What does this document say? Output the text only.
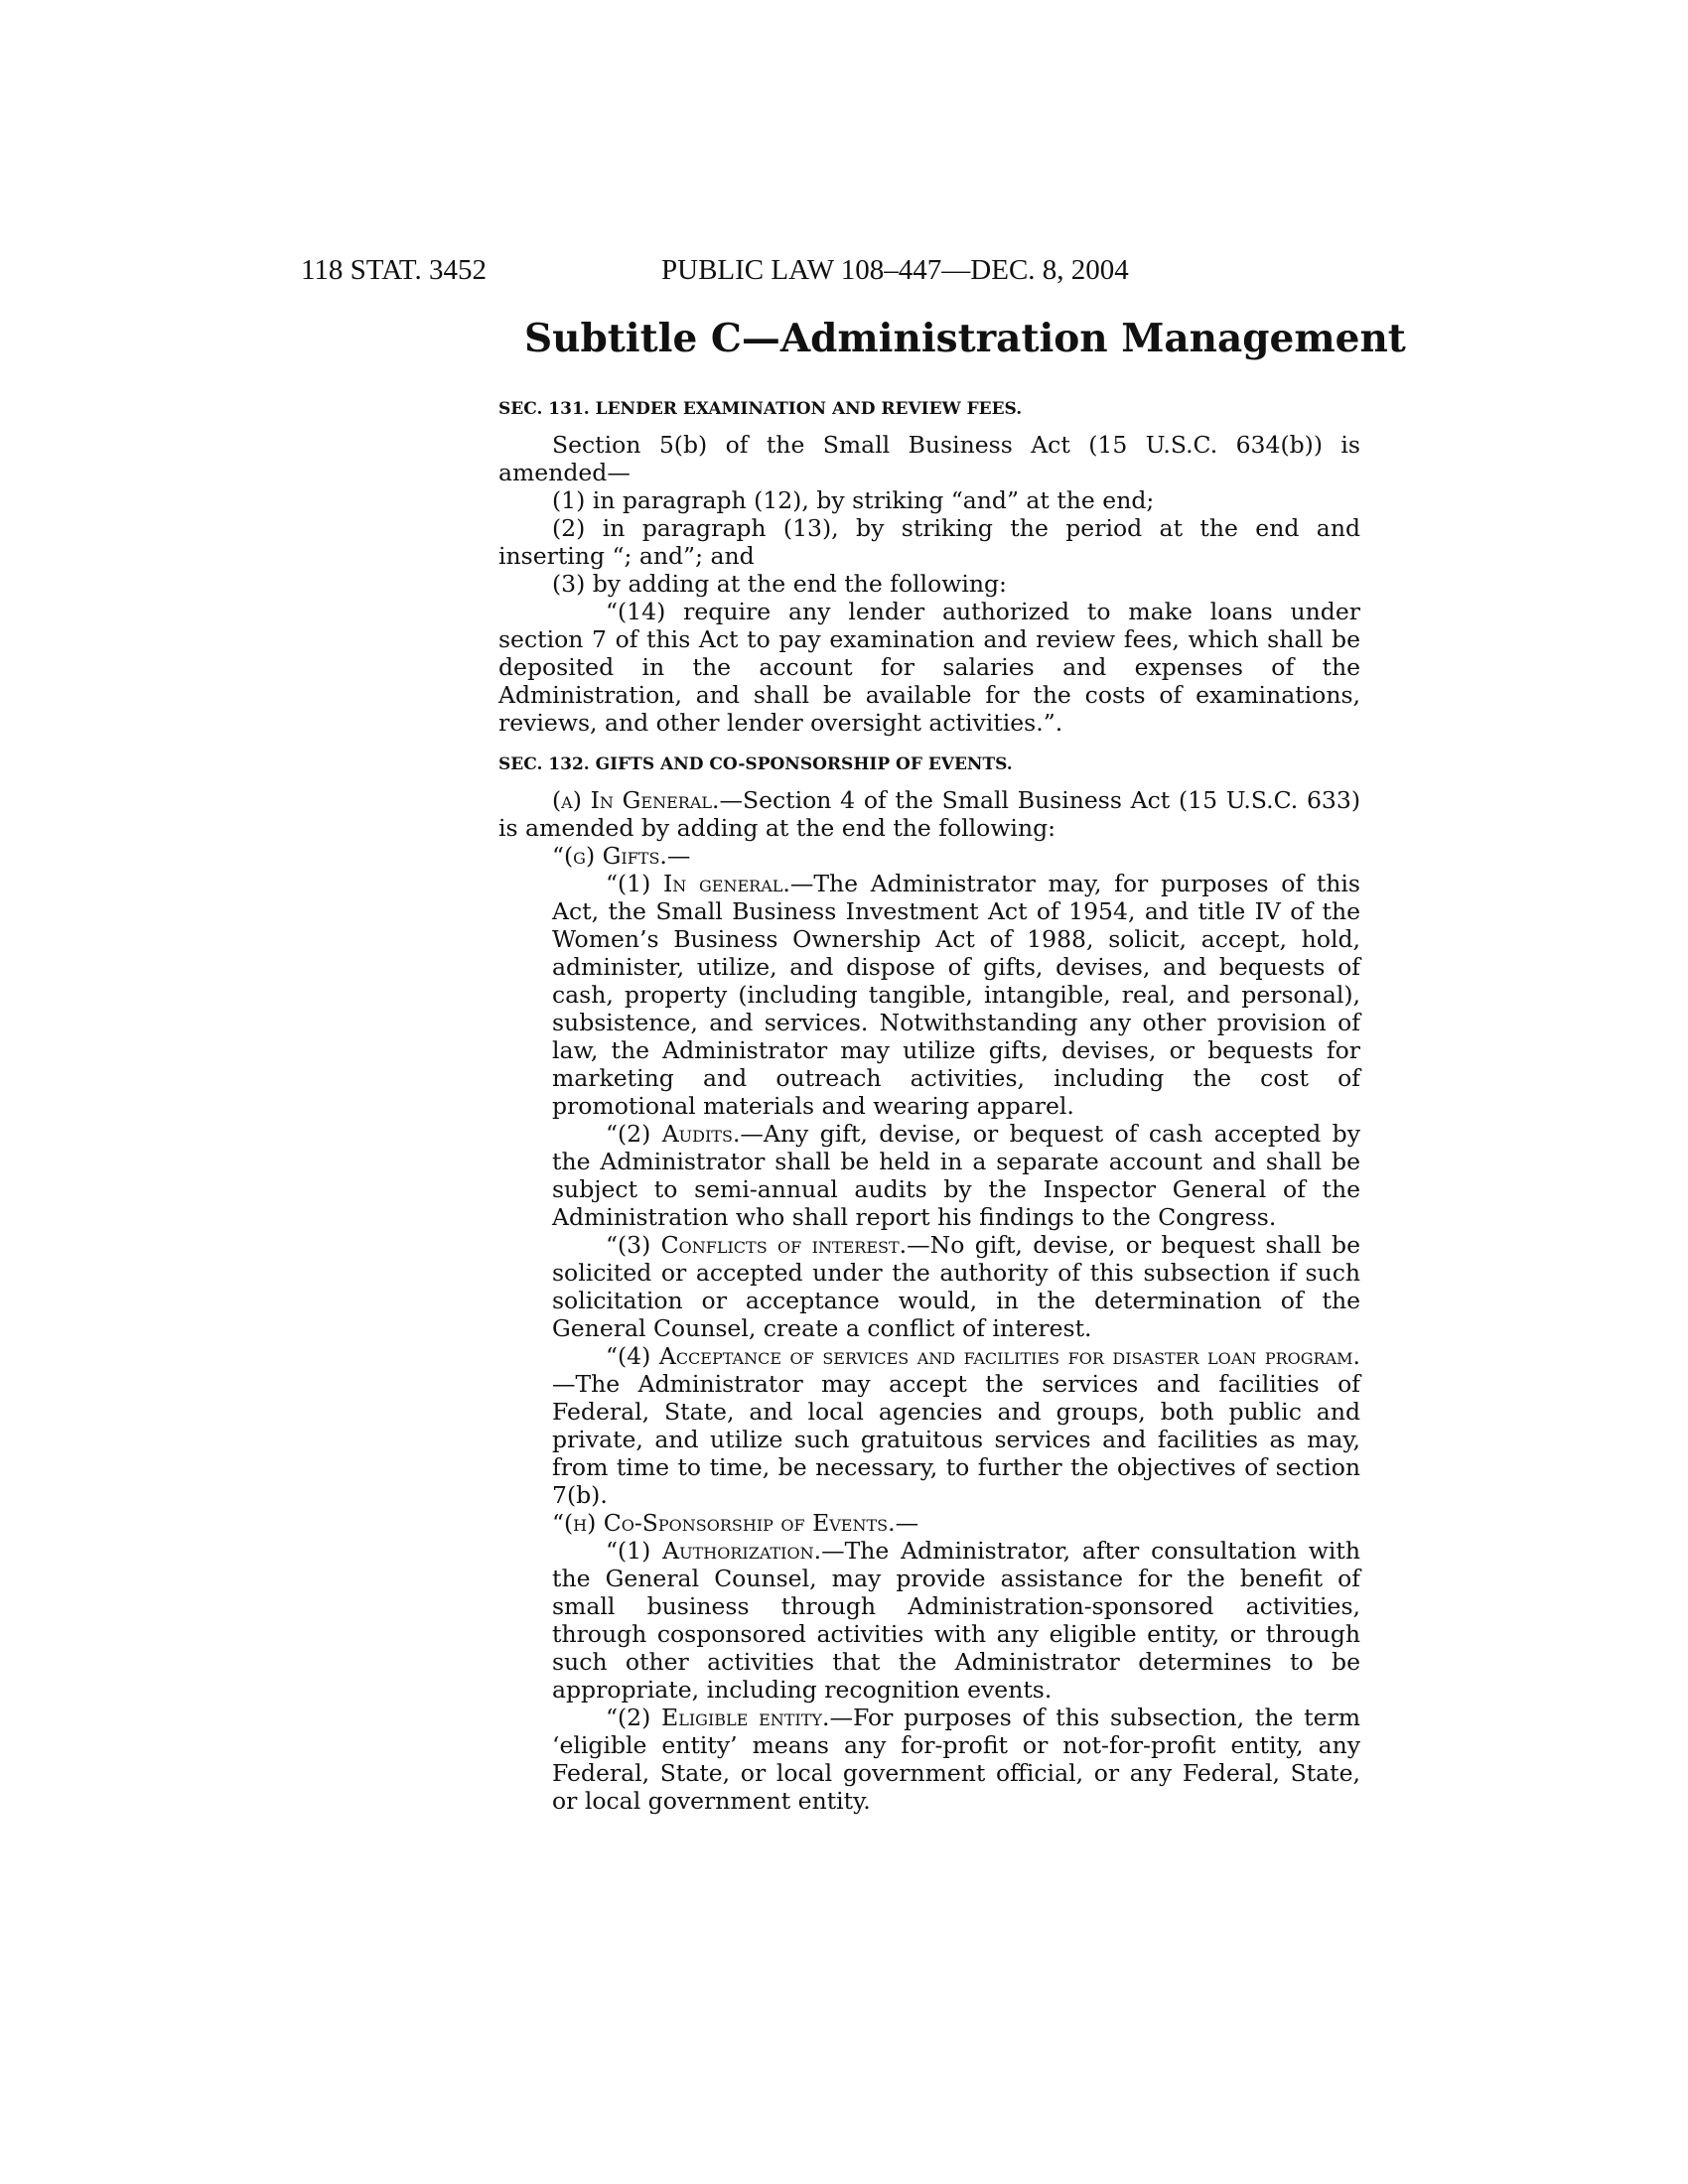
118 STAT. 3452	PUBLIC LAW 108–447—DEC. 8, 2004
Subtitle C—Administration Management
SEC. 131. LENDER EXAMINATION AND REVIEW FEES.

Section 5(b) of the Small Business Act (15 U.S.C. 634(b)) is amended—

(1) in paragraph (12), by striking “and” at the end;

(2) in paragraph (13), by striking the period at the end and inserting “; and”; and

(3) by adding at the end the following:

“(14) require any lender authorized to make loans under section 7 of this Act to pay examination and review fees, which shall be deposited in the account for salaries and expenses of the Administration, and shall be available for the costs of examinations, reviews, and other lender oversight activities.”.

SEC. 132. GIFTS AND CO-SPONSORSHIP OF EVENTS.

(a) In General.—Section 4 of the Small Business Act (15 U.S.C. 633) is amended by adding at the end the following:

“(g) Gifts.—

“(1) In general.—The Administrator may, for purposes of this Act, the Small Business Investment Act of 1954, and title IV of the Women’s Business Ownership Act of 1988, solicit, accept, hold, administer, utilize, and dispose of gifts, devises, and bequests of cash, property (including tangible, intangible, real, and personal), subsistence, and services. Notwithstanding any other provision of law, the Administrator may utilize gifts, devises, or bequests for marketing and outreach activities, including the cost of promotional materials and wearing apparel.

“(2) Audits.—Any gift, devise, or bequest of cash accepted by the Administrator shall be held in a separate account and shall be subject to semi-annual audits by the Inspector General of the Administration who shall report his findings to the Congress.

“(3) Conflicts of interest.—No gift, devise, or bequest shall be solicited or accepted under the authority of this subsection if such solicitation or acceptance would, in the determination of the General Counsel, create a conflict of interest.

“(4) Acceptance of services and facilities for disaster loan program.—The Administrator may accept the services and facilities of Federal, State, and local agencies and groups, both public and private, and utilize such gratuitous services and facilities as may, from time to time, be necessary, to further the objectives of section 7(b).

“(h) Co-Sponsorship of Events.—

“(1) Authorization.—The Administrator, after consultation with the General Counsel, may provide assistance for the benefit of small business through Administration-sponsored activities, through cosponsored activities with any eligible entity, or through such other activities that the Administrator determines to be appropriate, including recognition events.

“(2) Eligible entity.—For purposes of this subsection, the term ‘eligible entity’ means any for-profit or not-for-profit entity, any Federal, State, or local government official, or any Federal, State, or local government entity.
